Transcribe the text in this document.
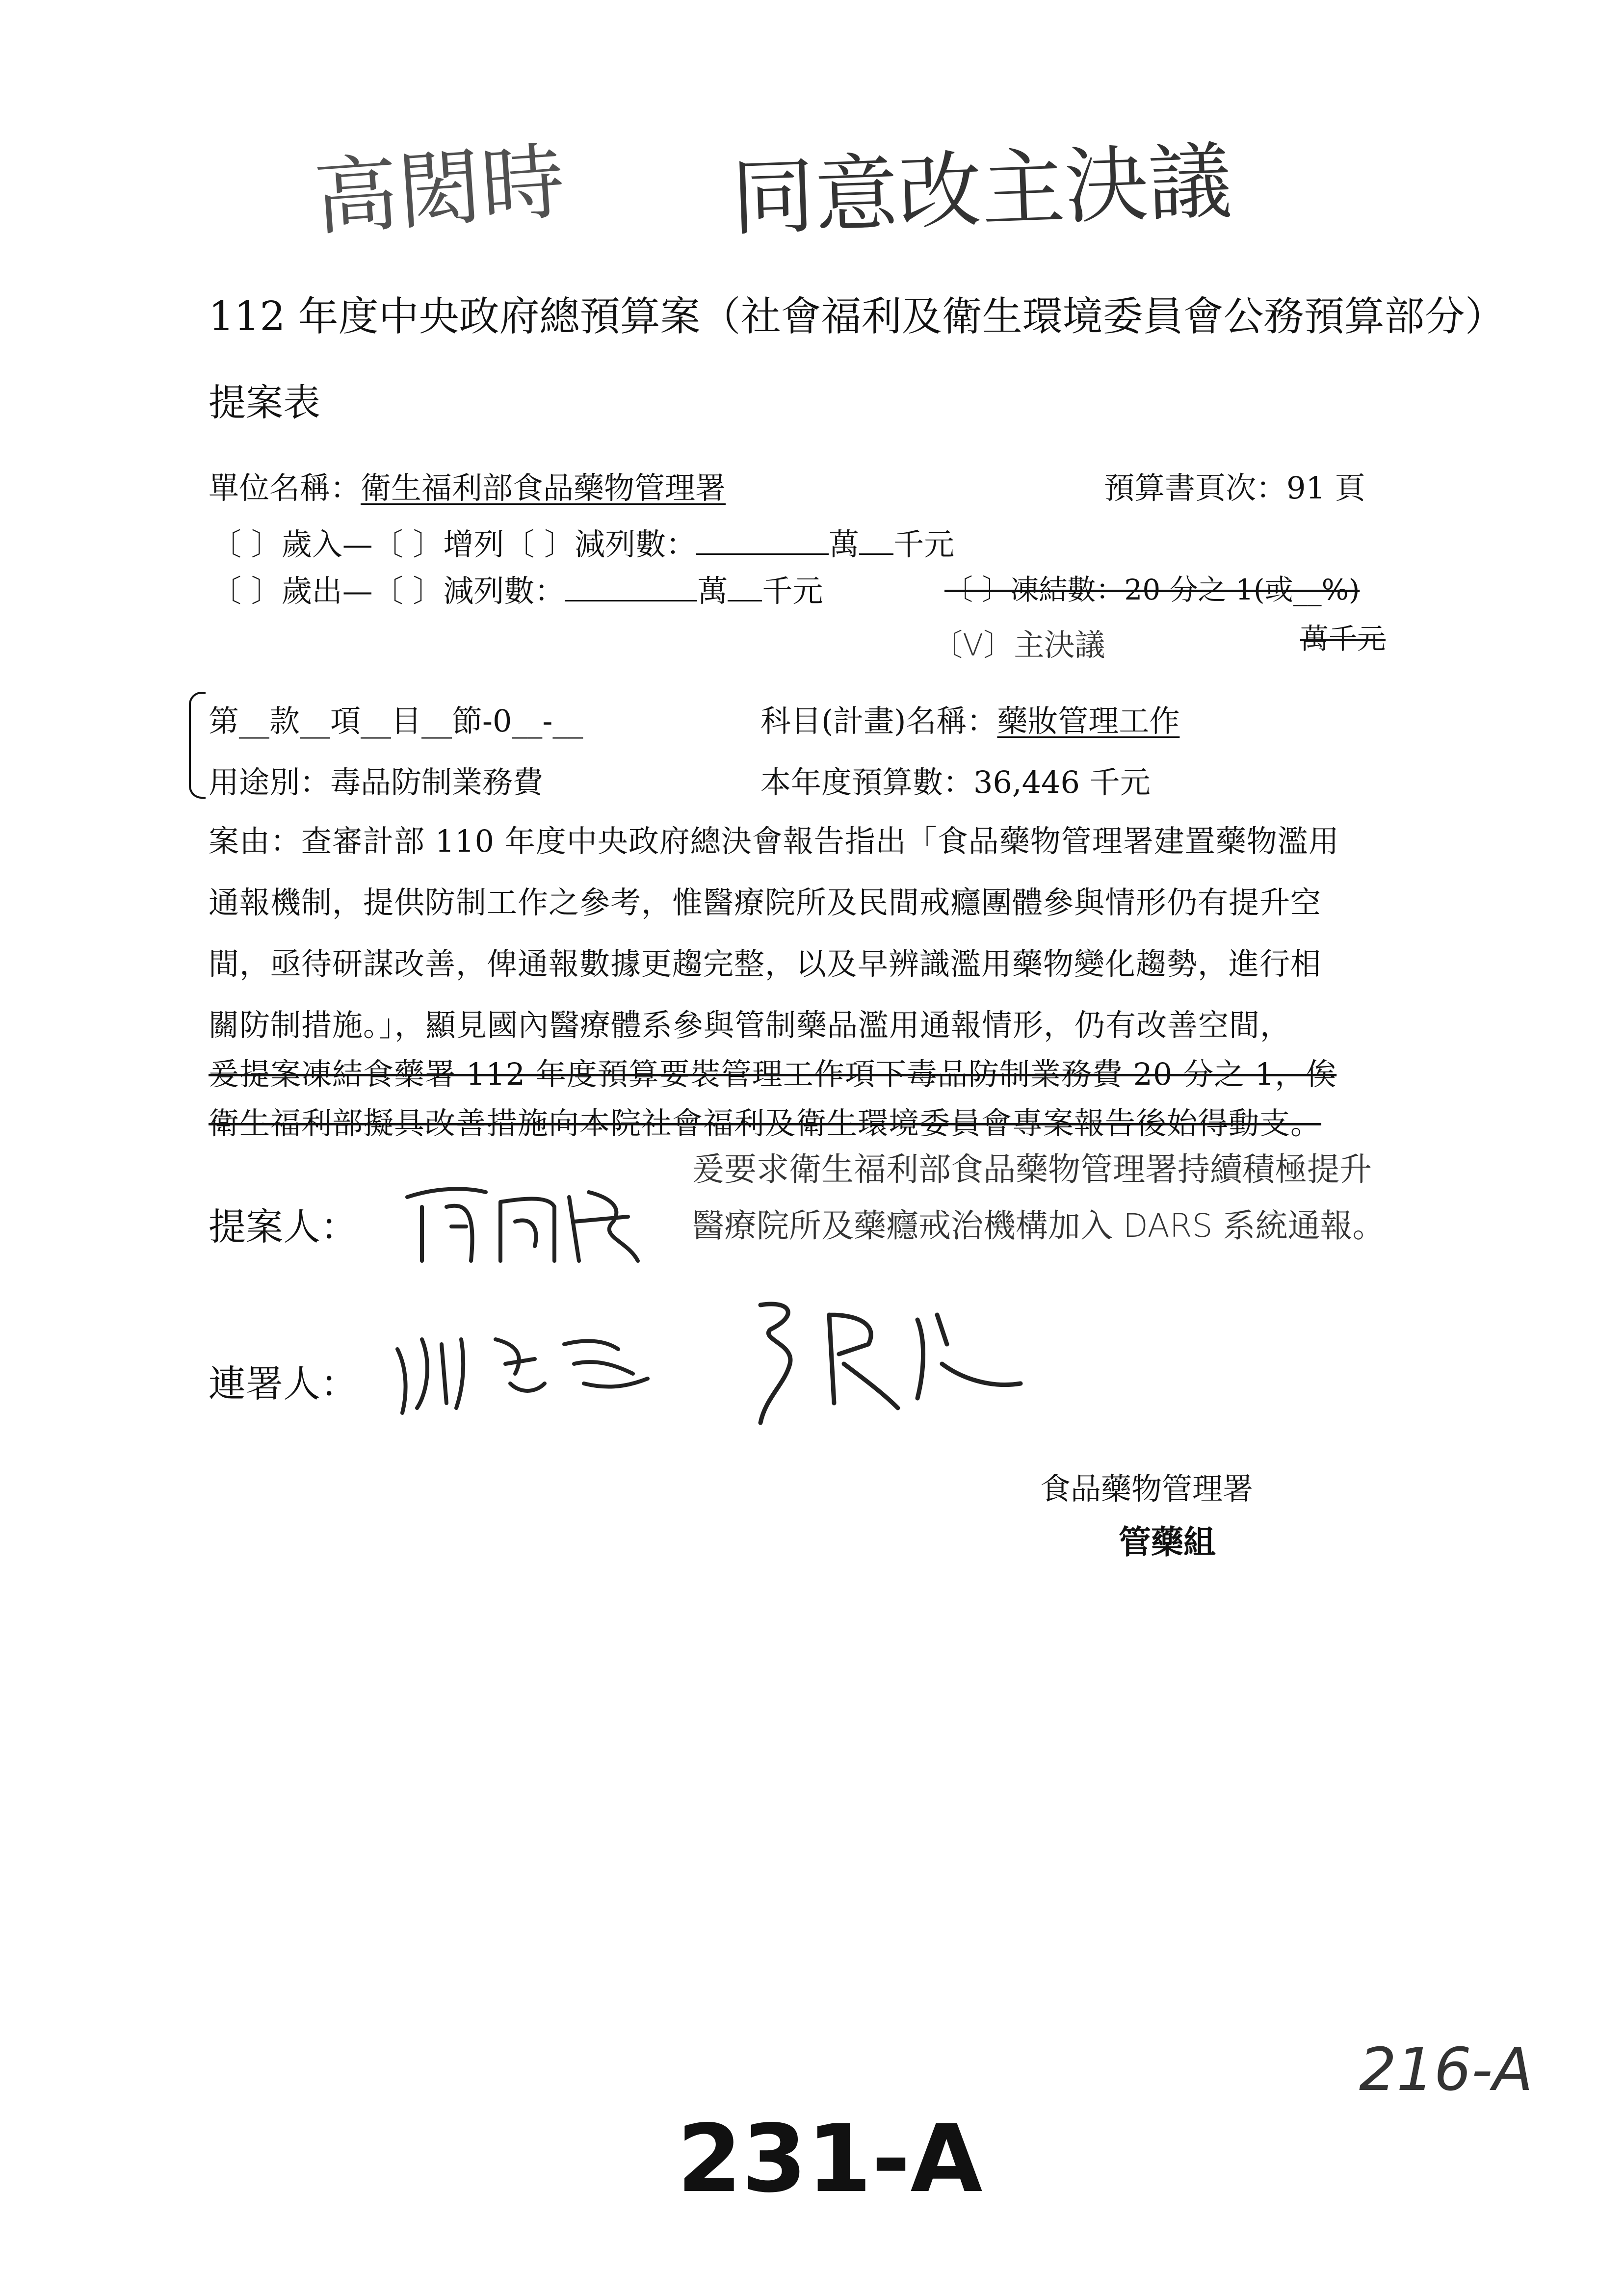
高閎時 同意改主決議
112 年度中央政府總預算案（社會福利及衛生環境委員會公務預算部分）
提案表
單位名稱：衛生福利部食品藥物管理署	預算書頁次：91 頁
〔 〕歲入—〔 〕增列〔 〕減列數：	萬 千元
〔 〕歲出—〔 〕減列數：	萬 千元	〔 〕凍結數：20 分之 1(或__%)
〔V〕主決議	萬千元
第__款__項__目__節-0__-__	科目(計畫)名稱：藥妝管理工作
用途別：毒品防制業務費	本年度預算數：36,446 千元
案由：查審計部 110 年度中央政府總決會報告指出「食品藥物管理署建置藥物濫用
通報機制，提供防制工作之參考，惟醫療院所及民間戒癮團體參與情形仍有提升空
間，亟待研謀改善，俾通報數據更趨完整，以及早辨識濫用藥物變化趨勢，進行相
關防制措施。」，顯見國內醫療體系參與管制藥品濫用通報情形，仍有改善空間，
爰提案凍結食藥署 112 年度預算要裝管理工作項下毒品防制業務費 20 分之 1，俟
衛生福利部擬具改善措施向本院社會福利及衛生環境委員會專案報告後始得動支。
爰要求衛生福利部食品藥物管理署持續積極提升
醫療院所及藥癮戒治機構加入 DARS 系統通報。
提案人：
連署人：
食品藥物管理署
管藥組
216-A
231-A
